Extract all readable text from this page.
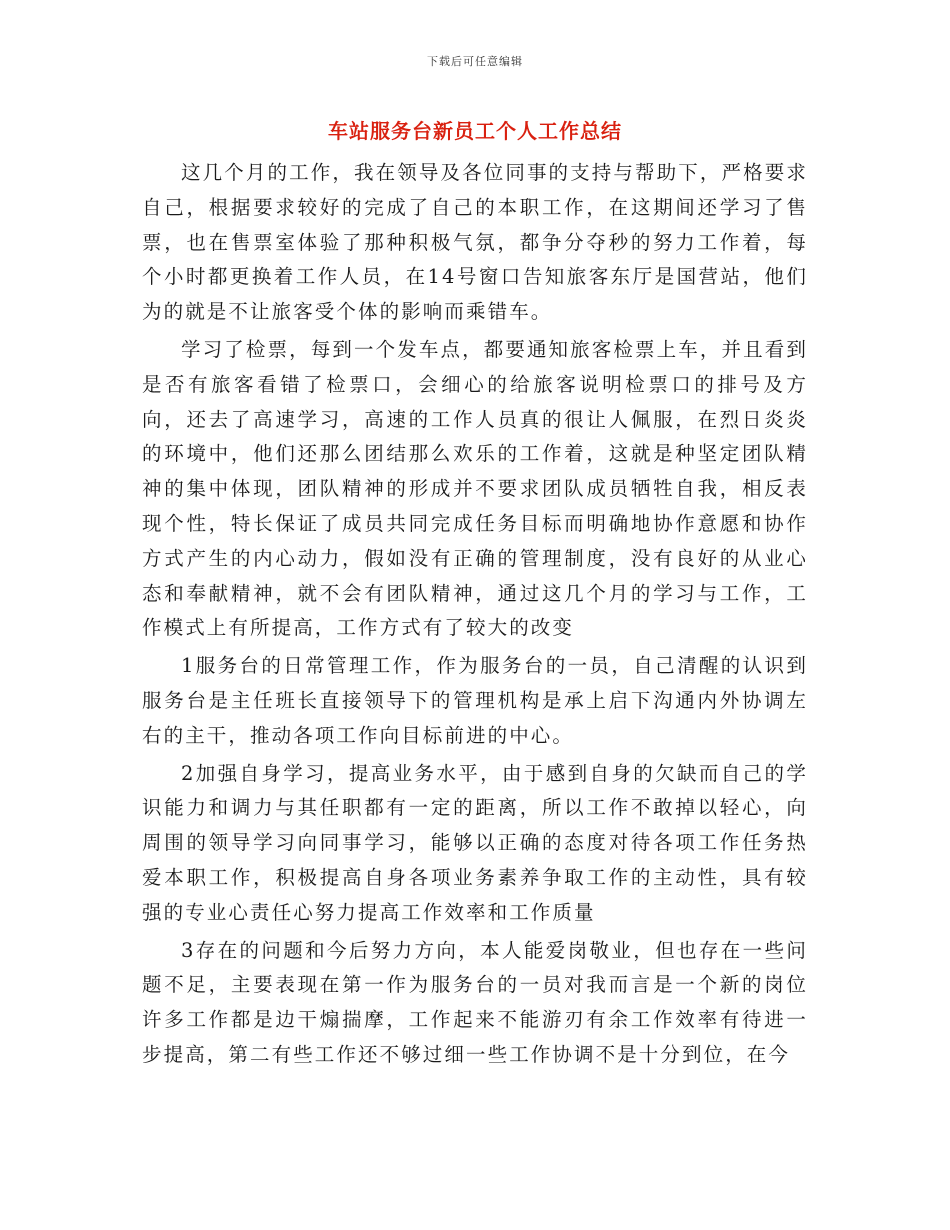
下载后可任意编辑
车站服务台新员工个人工作总结

这几个月的工作，我在领导及各位同事的支持与帮助下，严格要求自己，根据要求较好的完成了自己的本职工作，在这期间还学习了售票，也在售票室体验了那种积极气氛，都争分夺秒的努力工作着，每个小时都更换着工作人员，在14号窗口告知旅客东厅是国营站，他们为的就是不让旅客受个体的影响而乘错车。

学习了检票，每到一个发车点，都要通知旅客检票上车，并且看到是否有旅客看错了检票口，会细心的给旅客说明检票口的排号及方向，还去了高速学习，高速的工作人员真的很让人佩服，在烈日炎炎的环境中，他们还那么团结那么欢乐的工作着，这就是种坚定团队精神的集中体现，团队精神的形成并不要求团队成员牺牲自我，相反表现个性，特长保证了成员共同完成任务目标而明确地协作意愿和协作方式产生的内心动力，假如没有正确的管理制度，没有良好的从业心态和奉献精神，就不会有团队精神，通过这几个月的学习与工作，工作模式上有所提高，工作方式有了较大的改变

1服务台的日常管理工作，作为服务台的一员，自己清醒的认识到服务台是主任班长直接领导下的管理机构是承上启下沟通内外协调左右的主干，推动各项工作向目标前进的中心。

2加强自身学习，提高业务水平，由于感到自身的欠缺而自己的学识能力和调力与其任职都有一定的距离，所以工作不敢掉以轻心，向周围的领导学习向同事学习，能够以正确的态度对待各项工作任务热爱本职工作，积极提高自身各项业务素养争取工作的主动性，具有较强的专业心责任心努力提高工作效率和工作质量

3存在的问题和今后努力方向，本人能爱岗敬业，但也存在一些问题不足，主要表现在第一作为服务台的一员对我而言是一个新的岗位许多工作都是边干煽揣摩，工作起来不能游刃有余工作效率有待进一步提高，第二有些工作还不够过细一些工作协调不是十分到位，在今
